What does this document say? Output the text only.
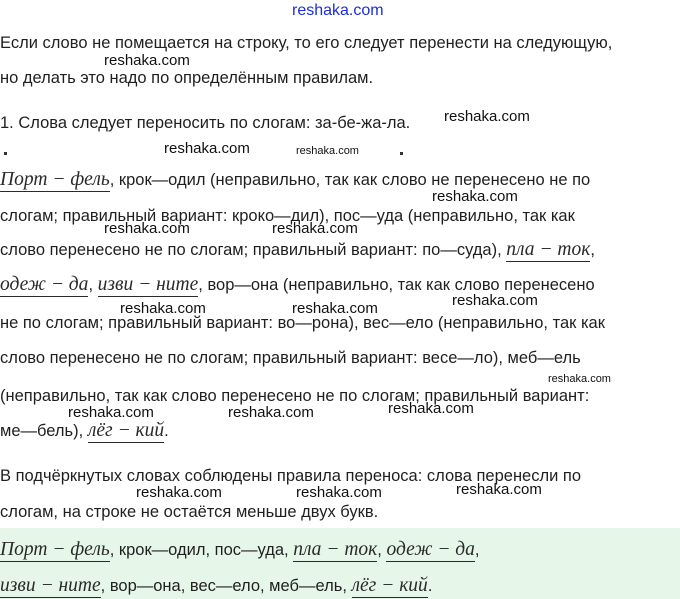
reshaka.com
Если слово не помещается на строку, то его следует перенести на следующую,
но делать это надо по определённым правилам.
1. Слова следует переносить по слогам: за-бе-жа-ла.
Порт − фель, крок—одил (неправильно, так как слово не перенесено не по
слогам; правильный вариант: кроко—дил), пос—уда (неправильно, так как
слово перенесено не по слогам; правильный вариант: по—суда), пла − ток,
одеж − да, изви − ните, вор—она (неправильно, так как слово перенесено
не по слогам; правильный вариант: во—рона), вес—ело (неправильно, так как
слово перенесено не по слогам; правильный вариант: весе—ло), меб—ель
(неправильно, так как слово перенесено не по слогам; правильный вариант:
ме—бель), лёг − кий.
В подчёркнутых словах соблюдены правила переноса: слова перенесли по
слогам, на строке не остаётся меньше двух букв.
Порт − фель, крок—одил, пос—уда, пла − ток, одеж − да,
изви − ните, вор—она, вес—ело, меб—ель, лёг − кий.
reshaka.com
reshaka.com
reshaka.com	reshaka.com
reshaka.com
reshaka.com	reshaka.com
reshaka.com
reshaka.com	reshaka.com
reshaka.com
reshaka.com
reshaka.com	reshaka.com
reshaka.com
reshaka.com	reshaka.com
